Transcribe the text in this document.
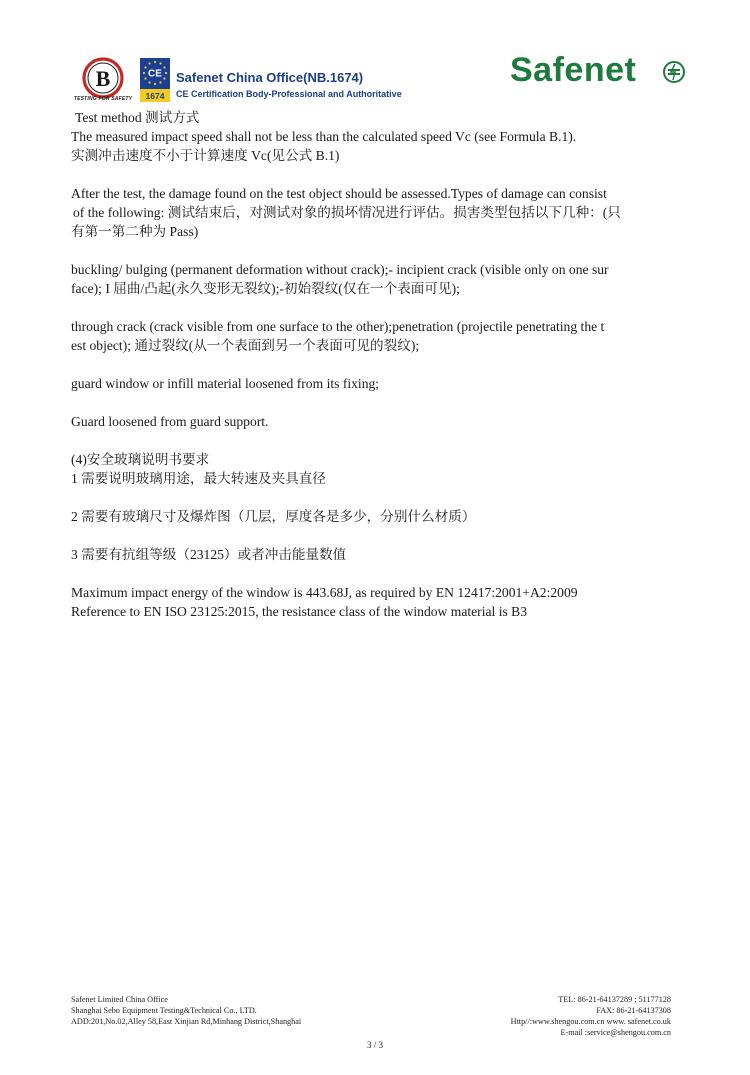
B
TESTING FOR SAFETY
CE
1674
Safenet China Office(NB.1674)
CE Certification Body-Professional and Authoritative
Safenet

Test method 测试方式

The measured impact speed shall not be less than the calculated speed Vc (see Formula B.1).

实测冲击速度不小于计算速度 Vc(见公式 B.1)

After the test, the damage found on the test object should be assessed.Types of damage can consist

of the following: 测试结束后，对测试对象的损坏情况进行评估。损害类型包括以下几种：(只

有第一第二种为 Pass)

buckling/ bulging (permanent deformation without crack);- incipient crack (visible only on one sur

face); I 屈曲/凸起(永久变形无裂纹);-初始裂纹(仅在一个表面可见);

through crack (crack visible from one surface to the other);penetration (projectile penetrating the t

est object); 通过裂纹(从一个表面到另一个表面可见的裂纹);

guard window or infill material loosened from its fixing;

Guard loosened from guard support.

(4)安全玻璃说明书要求

1 需要说明玻璃用途，最大转速及夹具直径

2 需要有玻璃尺寸及爆炸图（几层，厚度各是多少，分别什么材质）

3 需要有抗组等级（23125）或者冲击能量数值

Maximum impact energy of the window is 443.68J, as required by EN 12417:2001+A2:2009

Reference to EN ISO 23125:2015, the resistance class of the window material is B3

Safenet Limited China Office
Shanghai Sebo Equipment Testing&Technical Co., LTD.
ADD:201,No.02,Alley 58,East Xinjian Rd,Minhang District,Shanghai
TEL: 86-21-64137289 ; 51177128
FAX: 86-21-64137308
Http//:www.shengou.com.cn www. safenet.co.uk
E-mail :service@shengou.com.cn
3 / 3
